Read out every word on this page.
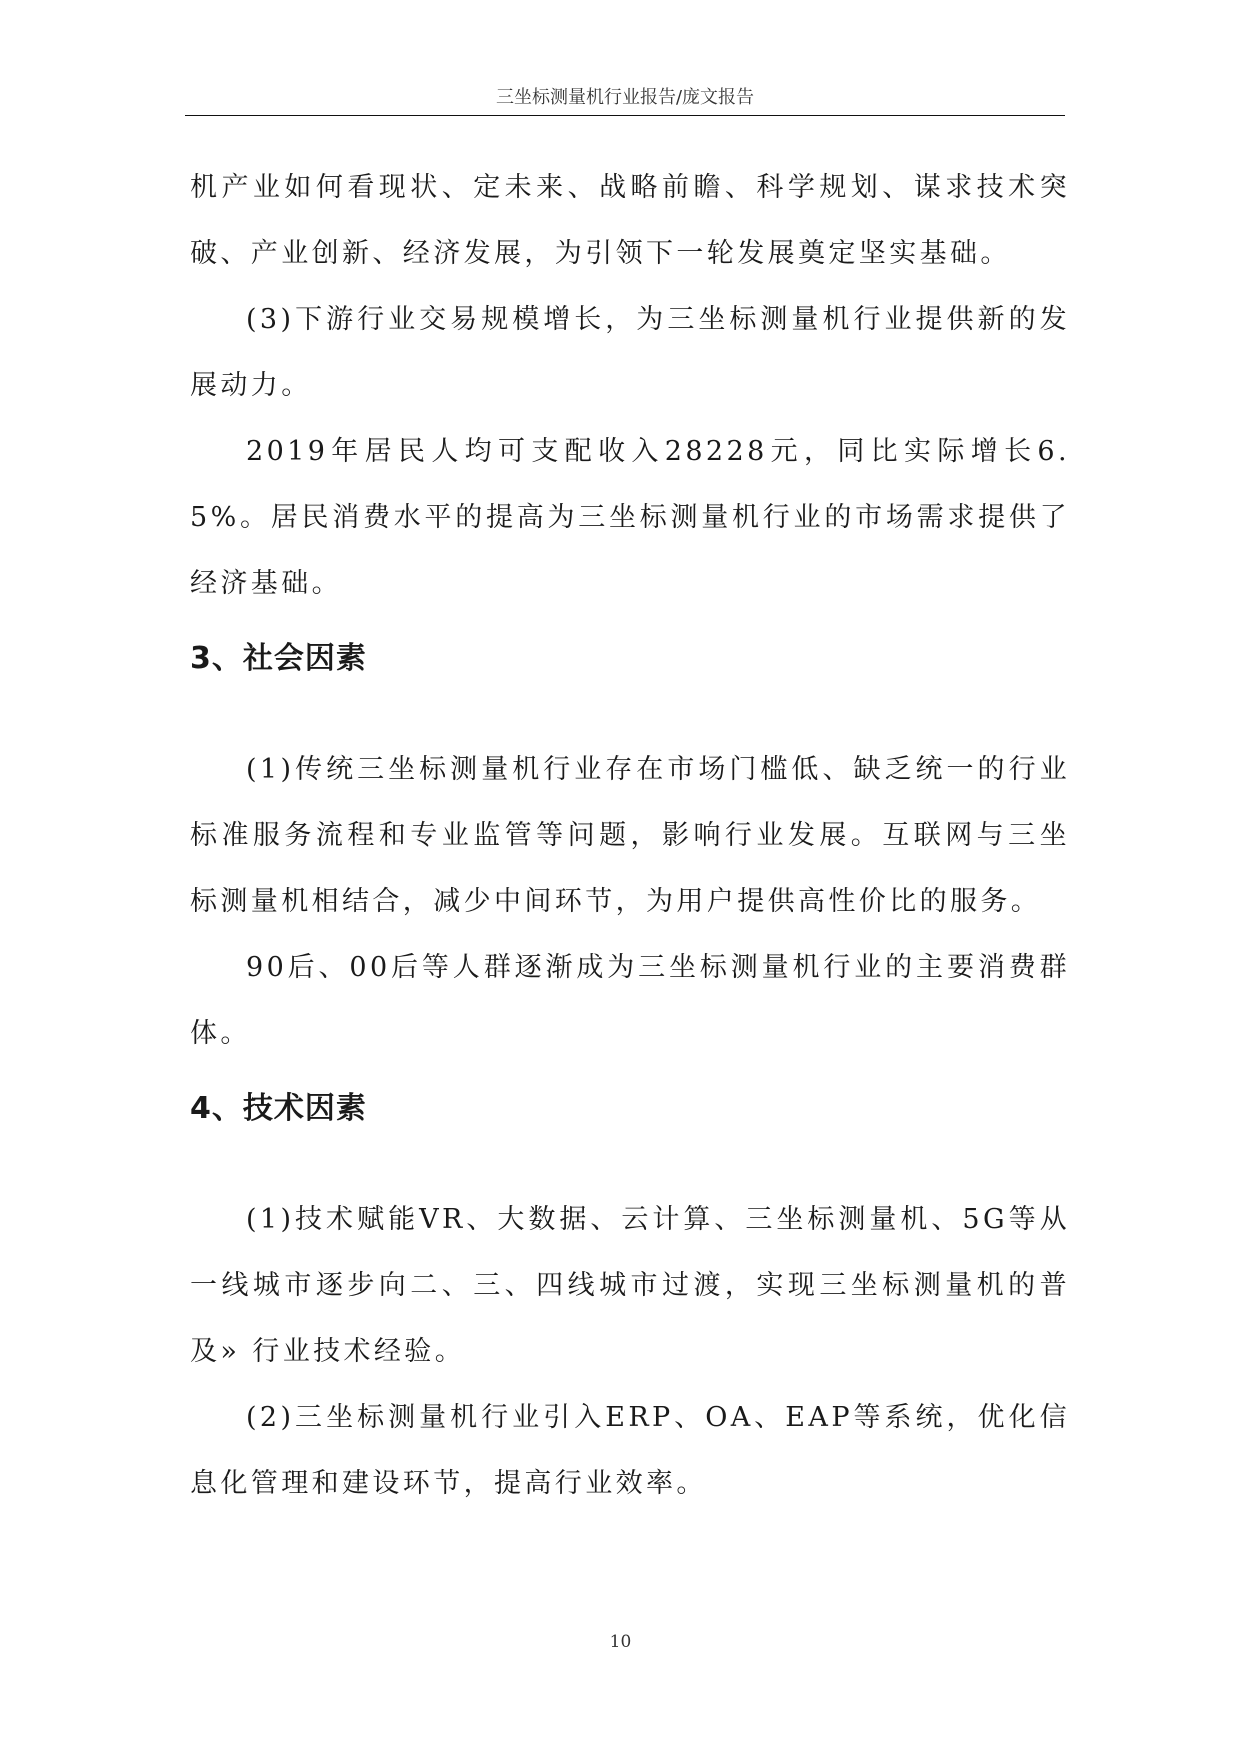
三坐标测量机行业报告/庞文报告

机产业如何看现状、定未来、战略前瞻、科学规划、谋求技术突破、产业创新、经济发展，为引领下一轮发展奠定坚实基础。

(3)下游行业交易规模增长，为三坐标测量机行业提供新的发展动力。

2019年居民人均可支配收入28228元，同比实际增长6.5%。居民消费水平的提高为三坐标测量机行业的市场需求提供了经济基础。

3、社会因素

(1)传统三坐标测量机行业存在市场门槛低、缺乏统一的行业标准服务流程和专业监管等问题，影响行业发展。互联网与三坐标测量机相结合，减少中间环节，为用户提供高性价比的服务。

90后、00后等人群逐渐成为三坐标测量机行业的主要消费群体。

4、技术因素

(1)技术赋能VR、大数据、云计算、三坐标测量机、5G等从一线城市逐步向二、三、四线城市过渡，实现三坐标测量机的普及» 行业技术经验。

(2)三坐标测量机行业引入ERP、OA、EAP等系统，优化信息化管理和建设环节，提高行业效率。

10
